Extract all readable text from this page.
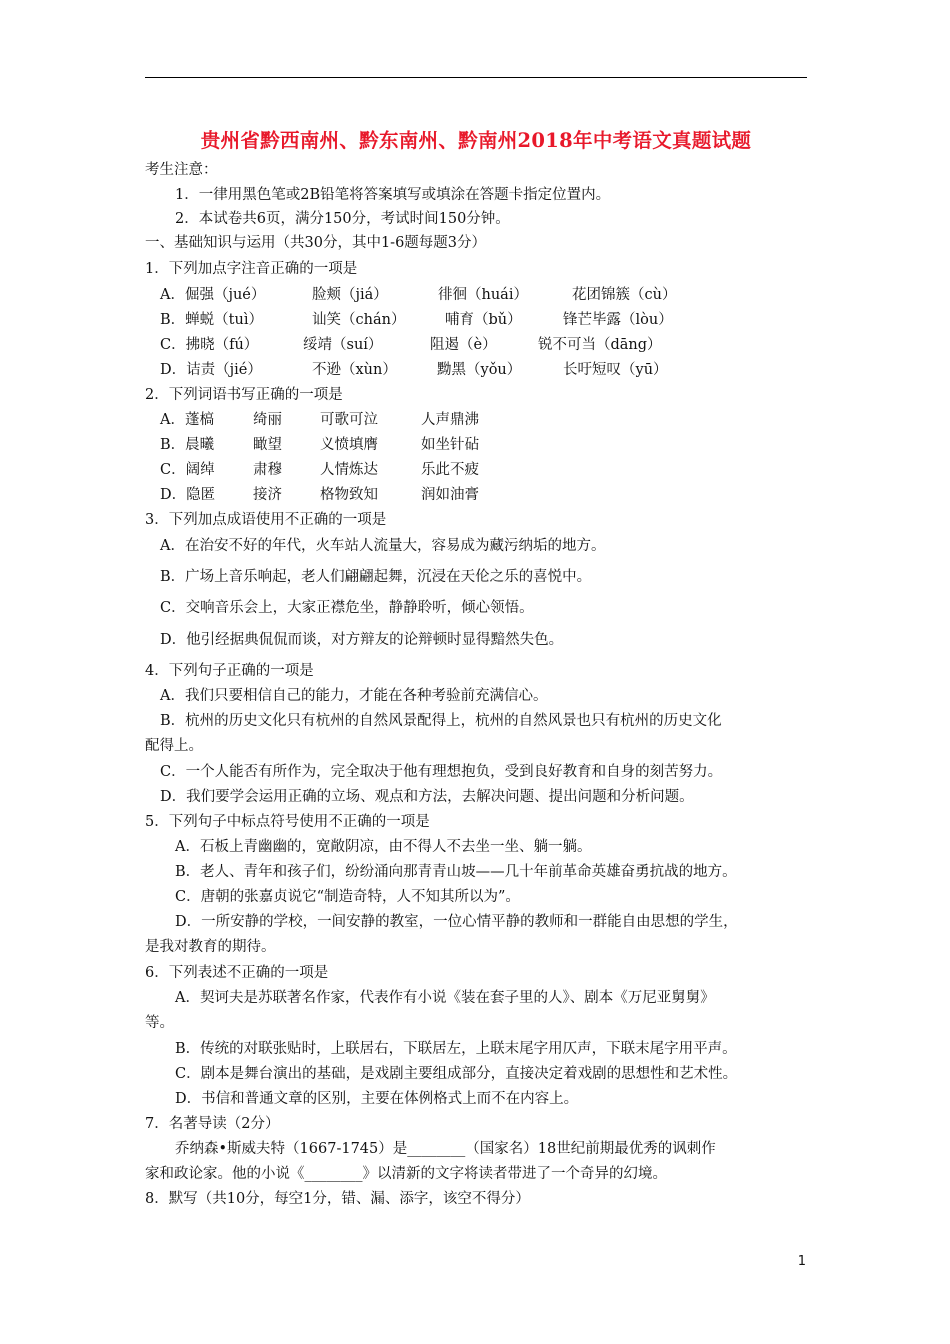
贵州省黔西南州、黔东南州、黔南州2018年中考语文真题试题
考生注意：
1．一律用黑色笔或2B铅笔将答案填写或填涂在答题卡指定位置内。
2．本试卷共6页，满分150分，考试时间150分钟。
一、基础知识与运用（共30分，其中1-6题每题3分）
1．下列加点字注音正确的一项是
A．倔强（jué）	脸颊（jiá）	徘徊（huái）	花团锦簇（cù）
B．蝉蜕（tuì）	讪笑（chán）	哺育（bǔ）	锋芒毕露（lòu）
C．拂晓（fú）	绥靖（suí）	阻遏（è）	锐不可当（dāng）
D．诘责（jié）	不逊（xùn）	黝黑（yǒu）	长吁短叹（yū）
2．下列词语书写正确的一项是
A．蓬槁	绮丽	可歌可泣	人声鼎沸
B．晨曦	瞰望	义愤填膺	如坐针砧
C．阔绰	肃穆	人情炼达	乐此不疲
D．隐匿	接济	格物致知	润如油膏
3．下列加点成语使用不正确的一项是
A．在治安不好的年代，火车站人流量大，容易成为藏污纳垢的地方。
B．广场上音乐响起，老人们翩翩起舞，沉浸在天伦之乐的喜悦中。
C．交响音乐会上，大家正襟危坐，静静聆听，倾心领悟。
D．他引经据典侃侃而谈，对方辩友的论辩顿时显得黯然失色。
4．下列句子正确的一项是
A．我们只要相信自己的能力，才能在各种考验前充满信心。
B．杭州的历史文化只有杭州的自然风景配得上，杭州的自然风景也只有杭州的历史文化
配得上。
C．一个人能否有所作为，完全取决于他有理想抱负，受到良好教育和自身的刻苦努力。
D．我们要学会运用正确的立场、观点和方法，去解决问题、提出问题和分析问题。
5．下列句子中标点符号使用不正确的一项是
A．石板上青幽幽的，宽敞阴凉，由不得人不去坐一坐、躺一躺。
B．老人、青年和孩子们，纷纷涌向那青青山坡——几十年前革命英雄奋勇抗战的地方。
C．唐朝的张嘉贞说它“制造奇特，人不知其所以为”。
D．一所安静的学校，一间安静的教室，一位心情平静的教师和一群能自由思想的学生，
是我对教育的期待。
6．下列表述不正确的一项是
A．契诃夫是苏联著名作家，代表作有小说《装在套子里的人》、剧本《万尼亚舅舅》
等。
B．传统的对联张贴时，上联居右，下联居左，上联末尾字用仄声，下联末尾字用平声。
C．剧本是舞台演出的基础，是戏剧主要组成部分，直接决定着戏剧的思想性和艺术性。
D．书信和普通文章的区别，主要在体例格式上而不在内容上。
7．名著导读（2分）
乔纳森•斯威夫特（1667-1745）是________（国家名）18世纪前期最优秀的讽刺作
家和政论家。他的小说《________》以清新的文字将读者带进了一个奇异的幻境。
8．默写（共10分，每空1分，错、漏、添字，该空不得分）
1
